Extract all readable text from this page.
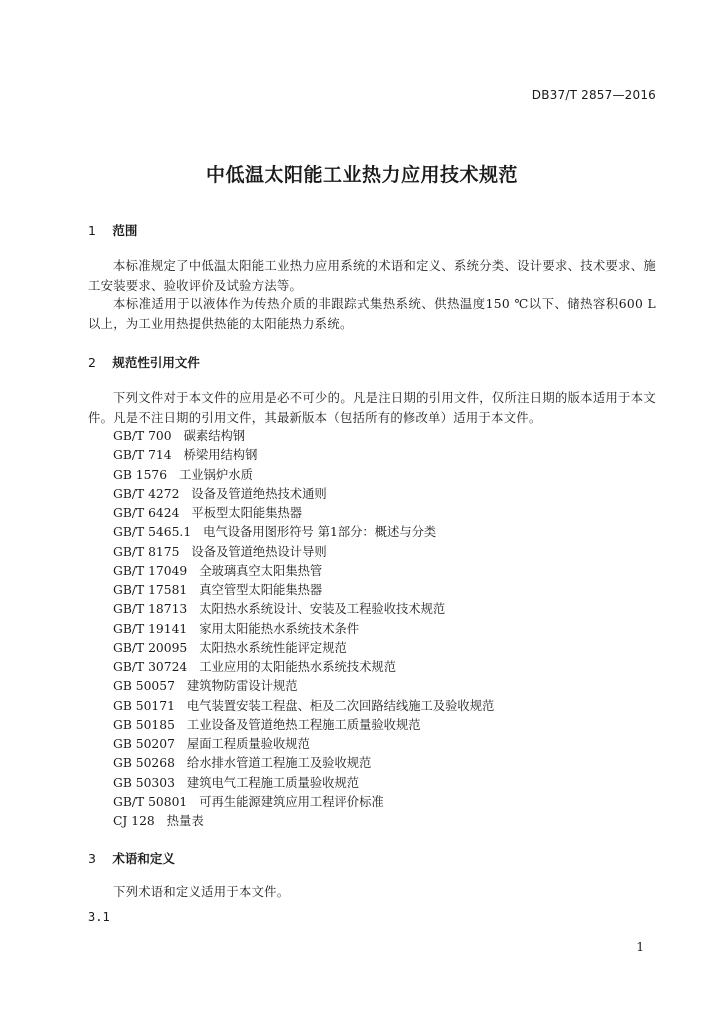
DB37/T 2857—2016
中低温太阳能工业热力应用技术规范
1 范围
本标准规定了中低温太阳能工业热力应用系统的术语和定义、系统分类、设计要求、技术要求、施工安装要求、验收评价及试验方法等。
本标准适用于以液体作为传热介质的非跟踪式集热系统、供热温度150 ℃以下、储热容积600 L以上，为工业用热提供热能的太阳能热力系统。
2 规范性引用文件
下列文件对于本文件的应用是必不可少的。凡是注日期的引用文件，仅所注日期的版本适用于本文件。凡是不注日期的引用文件，其最新版本（包括所有的修改单）适用于本文件。
GB/T 700 碳素结构钢
GB/T 714 桥梁用结构钢
GB 1576 工业锅炉水质
GB/T 4272 设备及管道绝热技术通则
GB/T 6424 平板型太阳能集热器
GB/T 5465.1 电气设备用图形符号 第1部分：概述与分类
GB/T 8175 设备及管道绝热设计导则
GB/T 17049 全玻璃真空太阳集热管
GB/T 17581 真空管型太阳能集热器
GB/T 18713 太阳热水系统设计、安装及工程验收技术规范
GB/T 19141 家用太阳能热水系统技术条件
GB/T 20095 太阳热水系统性能评定规范
GB/T 30724 工业应用的太阳能热水系统技术规范
GB 50057 建筑物防雷设计规范
GB 50171 电气装置安装工程盘、柜及二次回路结线施工及验收规范
GB 50185 工业设备及管道绝热工程施工质量验收规范
GB 50207 屋面工程质量验收规范
GB 50268 给水排水管道工程施工及验收规范
GB 50303 建筑电气工程施工质量验收规范
GB/T 50801 可再生能源建筑应用工程评价标准
CJ 128 热量表
3 术语和定义
下列术语和定义适用于本文件。
3.1
1
